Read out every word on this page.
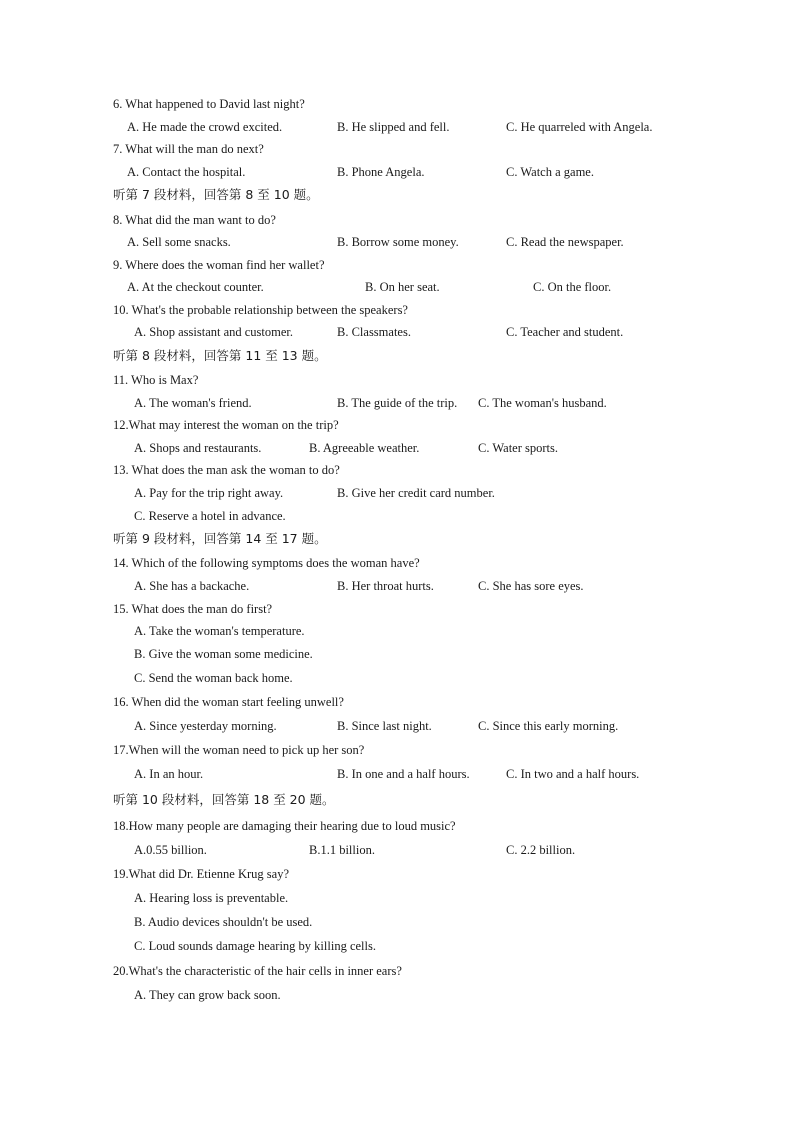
6. What happened to David last night?
A. He made the crowd excited.	B. He slipped and fell.	C. He quarreled with Angela.
7. What will the man do next?
A. Contact the hospital.	B. Phone Angela.	C. Watch a game.
听第 7 段材料，回答第 8 至 10 题。
8. What did the man want to do?
A. Sell some snacks.	B. Borrow some money.	C. Read the newspaper.
9. Where does the woman find her wallet?
A. At the checkout counter.	B. On her seat.	C. On the floor.
10. What's the probable relationship between the speakers?
A. Shop assistant and customer.	B. Classmates.	C. Teacher and student.
听第 8 段材料，回答第 11 至 13 题。
11. Who is Max?
A. The woman's friend.	B. The guide of the trip. C. The woman's husband.
12.What may interest the woman on the trip?
A. Shops and restaurants.	B. Agreeable weather.	C. Water sports.
13. What does the man ask the woman to do?
A. Pay for the trip right away.	B. Give her credit card number.
C. Reserve a hotel in advance.
听第 9 段材料，回答第 14 至 17 题。
14. Which of the following symptoms does the woman have?
A. She has a backache.	B. Her throat hurts.	C. She has sore eyes.
15. What does the man do first?
A. Take the woman's temperature.
B. Give the woman some medicine.
C. Send the woman back home.
16. When did the woman start feeling unwell?
A. Since yesterday morning.	B. Since last night.	C. Since this early morning.
17.When will the woman need to pick up her son?
A. In an hour.	B. In one and a half hours.	C. In two and a half hours.
听第 10 段材料，回答第 18 至 20 题。
18.How many people are damaging their hearing due to loud music?
A.0.55 billion.	B.1.1 billion.	C. 2.2 billion.
19.What did Dr. Etienne Krug say?
A. Hearing loss is preventable.
B. Audio devices shouldn't be used.
C. Loud sounds damage hearing by killing cells.
20.What's the characteristic of the hair cells in inner ears?
A. They can grow back soon.
